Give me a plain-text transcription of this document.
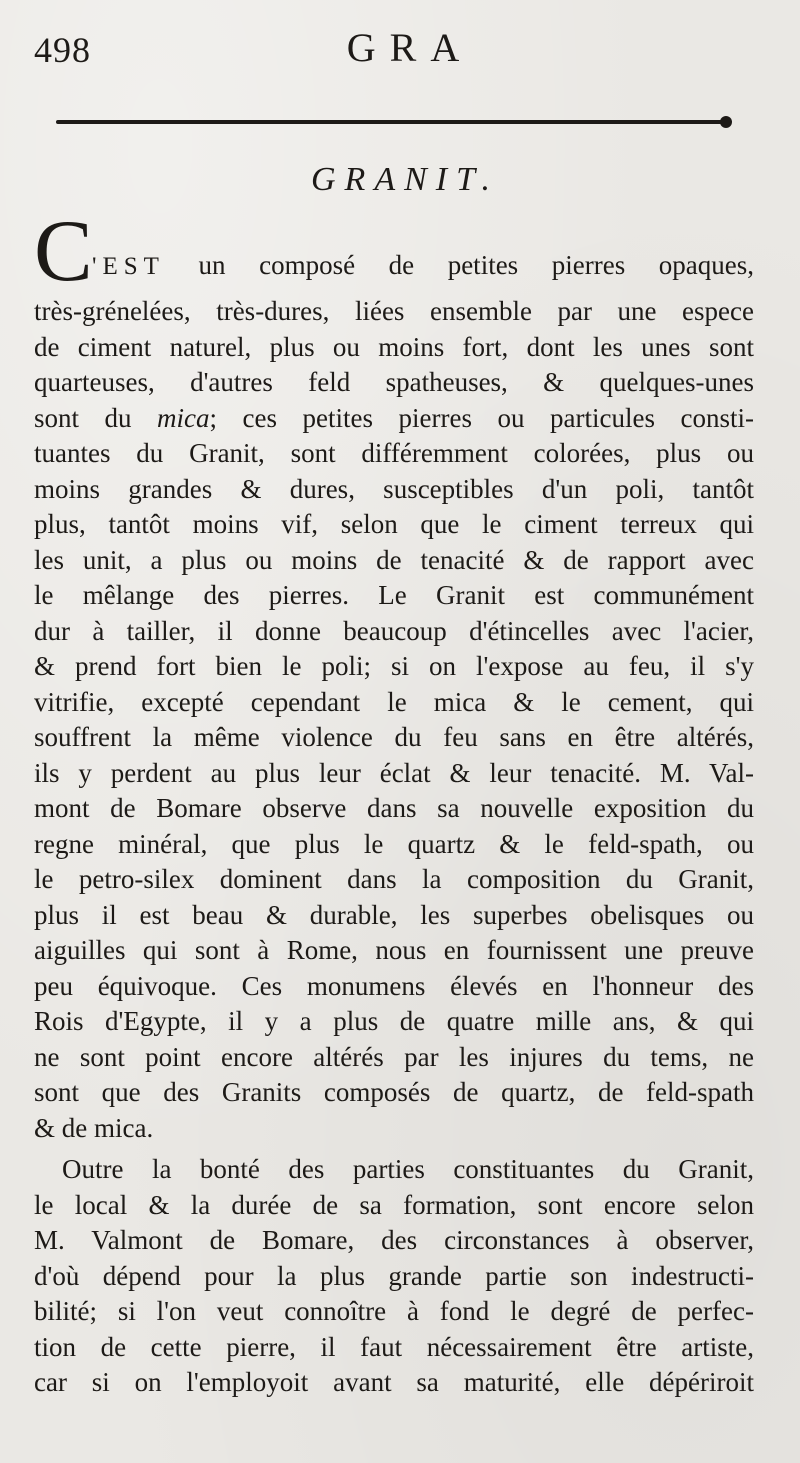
498	GRA
GRANIT.
C 'EST un composé de petites pierres opaques,
très-grénelées, très-dures, liées ensemble par une espece
de ciment naturel, plus ou moins fort, dont les unes sont
quarteuses, d'autres feld spatheuses, & quelques-unes
sont du mica; ces petites pierres ou particules consti-
tuantes du Granit, sont différemment colorées, plus ou
moins grandes & dures, susceptibles d'un poli, tantôt
plus, tantôt moins vif, selon que le ciment terreux qui
les unit, a plus ou moins de tenacité & de rapport avec
le mêlange des pierres. Le Granit est communément
dur à tailler, il donne beaucoup d'étincelles avec l'acier,
& prend fort bien le poli; si on l'expose au feu, il s'y
vitrifie, excepté cependant le mica & le cement, qui
souffrent la même violence du feu sans en être altérés,
ils y perdent au plus leur éclat & leur tenacité. M. Val-
mont de Bomare observe dans sa nouvelle exposition du
regne minéral, que plus le quartz & le feld-spath, ou
le petro-silex dominent dans la composition du Granit,
plus il est beau & durable, les superbes obelisques ou
aiguilles qui sont à Rome, nous en fournissent une preuve
peu équivoque. Ces monumens élevés en l'honneur des
Rois d'Egypte, il y a plus de quatre mille ans, & qui
ne sont point encore altérés par les injures du tems, ne
sont que des Granits composés de quartz, de feld-spath
& de mica.
Outre la bonté des parties constituantes du Granit,
le local & la durée de sa formation, sont encore selon
M. Valmont de Bomare, des circonstances à observer,
d'où dépend pour la plus grande partie son indestructi-
bilité; si l'on veut connoître à fond le degré de perfec-
tion de cette pierre, il faut nécessairement être artiste,
car si on l'employoit avant sa maturité, elle dépériroit
